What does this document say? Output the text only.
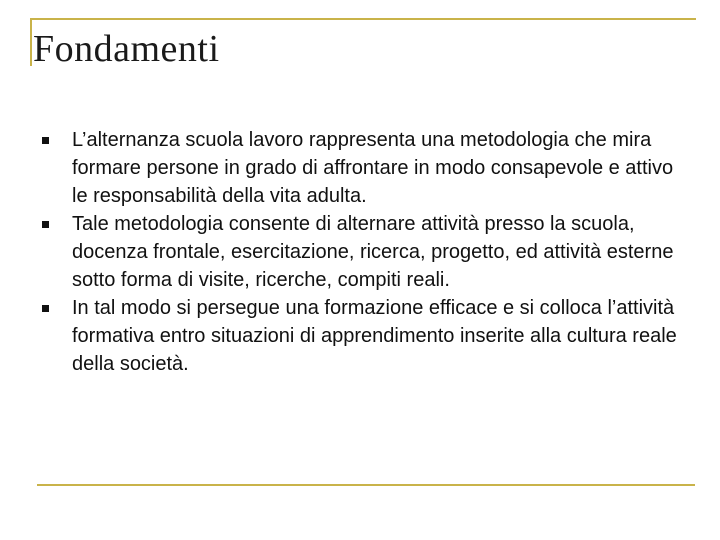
Fondamenti
L’alternanza scuola lavoro rappresenta una metodologia che mira formare persone in grado di affrontare in modo consapevole e attivo le responsabilità della vita adulta.
Tale metodologia consente di alternare attività presso la scuola, docenza frontale, esercitazione, ricerca, progetto, ed attività esterne sotto forma di visite, ricerche, compiti reali.
In tal modo si persegue una formazione efficace e si colloca l’attività formativa entro situazioni di apprendimento inserite alla cultura reale della società.
